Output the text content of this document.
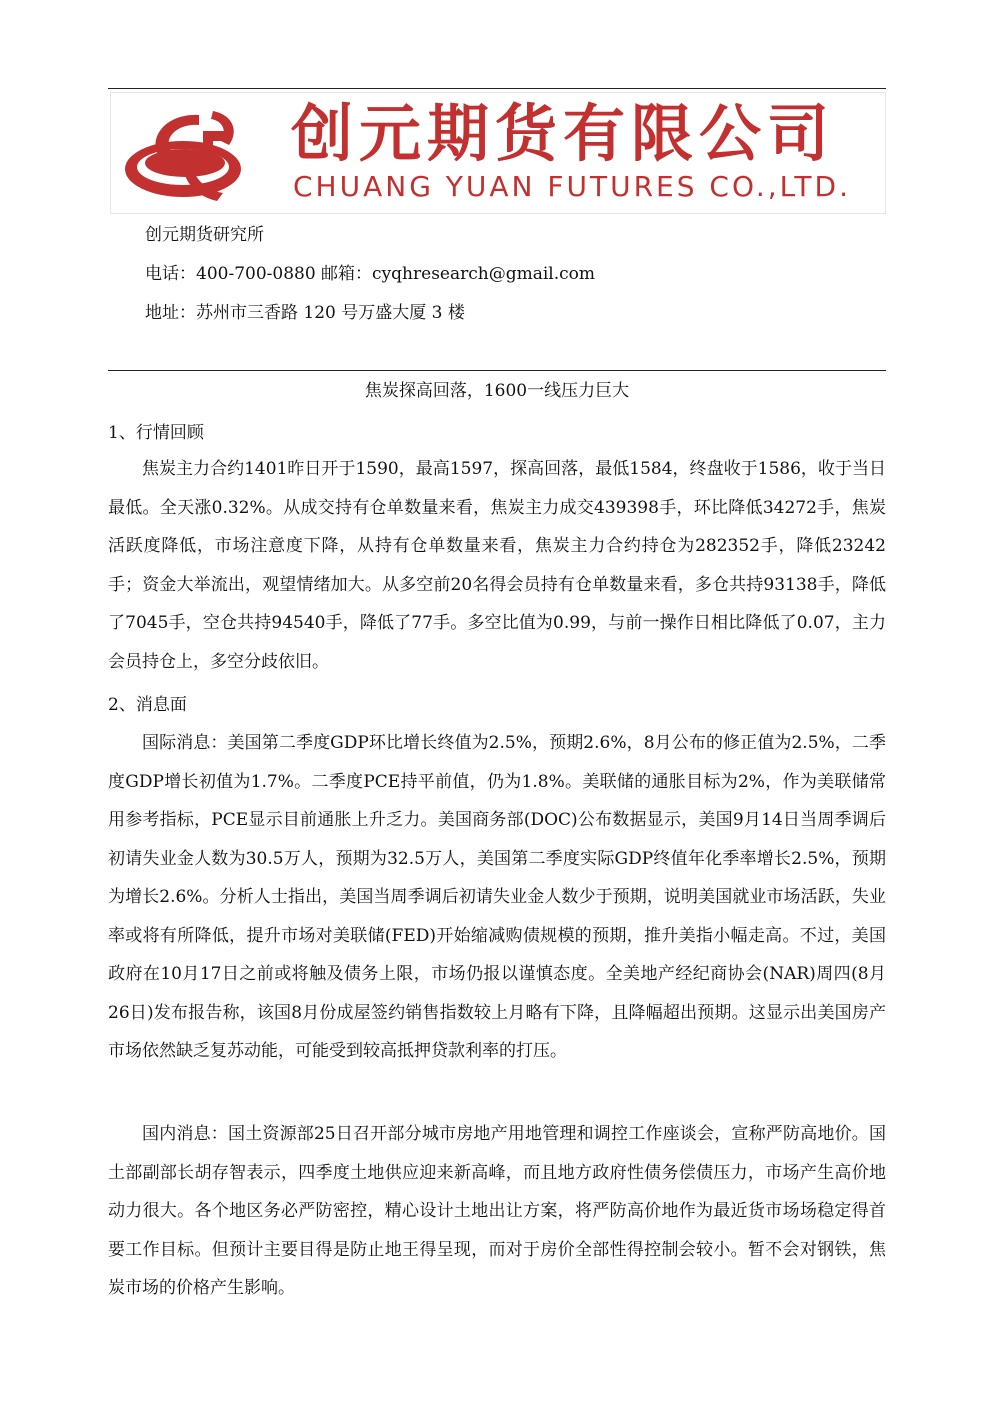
创元期货有限公司
CHUANG YUAN FUTURES CO.,LTD.
创元期货研究所
电话：400-700-0880 邮箱：cyqhresearch@gmail.com
地址：苏州市三香路 120 号万盛大厦 3 楼
焦炭探高回落，1600一线压力巨大
1、行情回顾
焦炭主力合约1401昨日开于1590，最高1597，探高回落，最低1584，终盘收于1586，收于当日最低。全天涨0.32%。从成交持有仓单数量来看，焦炭主力成交439398手，环比降低34272手，焦炭活跃度降低，市场注意度下降，从持有仓单数量来看，焦炭主力合约持仓为282352手，降低23242手；资金大举流出，观望情绪加大。从多空前20名得会员持有仓单数量来看，多仓共持93138手，降低了7045手，空仓共持94540手，降低了77手。多空比值为0.99，与前一操作日相比降低了0.07，主力会员持仓上，多空分歧依旧。
2、消息面
国际消息：美国第二季度GDP环比增长终值为2.5%，预期2.6%，8月公布的修正值为2.5%，二季度GDP增长初值为1.7%。二季度PCE持平前值，仍为1.8%。美联储的通胀目标为2%，作为美联储常用参考指标，PCE显示目前通胀上升乏力。美国商务部(DOC)公布数据显示，美国9月14日当周季调后初请失业金人数为30.5万人，预期为32.5万人，美国第二季度实际GDP终值年化季率增长2.5%，预期为增长2.6%。分析人士指出，美国当周季调后初请失业金人数少于预期，说明美国就业市场活跃，失业率或将有所降低，提升市场对美联储(FED)开始缩减购债规模的预期，推升美指小幅走高。不过，美国政府在10月17日之前或将触及债务上限，市场仍报以谨慎态度。全美地产经纪商协会(NAR)周四(8月26日)发布报告称，该国8月份成屋签约销售指数较上月略有下降，且降幅超出预期。这显示出美国房产市场依然缺乏复苏动能，可能受到较高抵押贷款利率的打压。
国内消息：国土资源部25日召开部分城市房地产用地管理和调控工作座谈会，宣称严防高地价。国土部副部长胡存智表示，四季度土地供应迎来新高峰，而且地方政府性债务偿债压力，市场产生高价地动力很大。各个地区务必严防密控，精心设计土地出让方案，将严防高价地作为最近货市场场稳定得首要工作目标。但预计主要目得是防止地王得呈现，而对于房价全部性得控制会较小。暂不会对钢铁，焦炭市场的价格产生影响。
